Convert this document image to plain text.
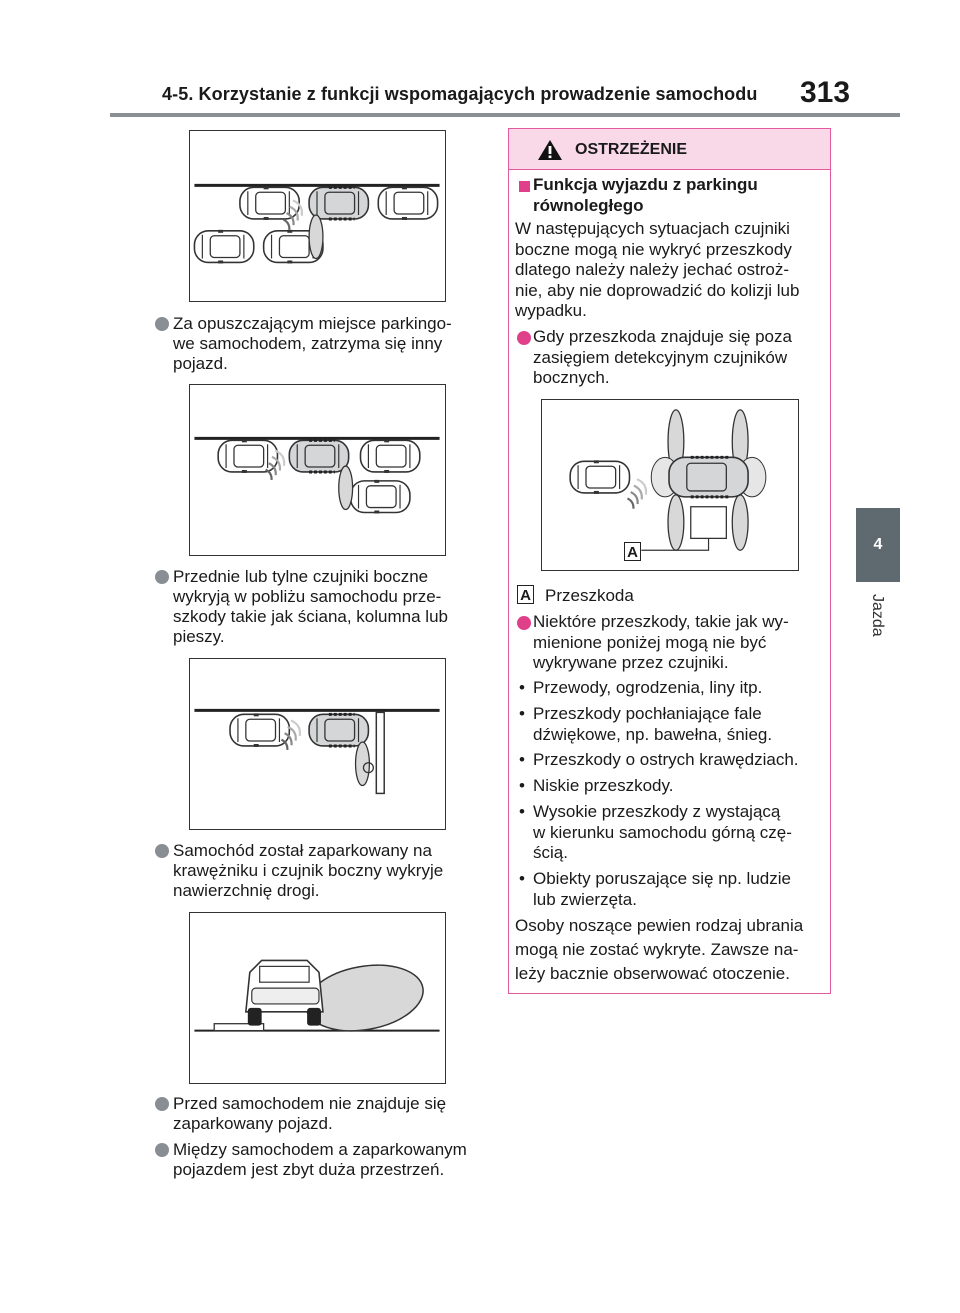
4-5. Korzystanie z funkcji wspomagających prowadzenie samochodu 313
4
Jazda
Za opuszczającym miejsce parkingo-
we samochodem, zatrzyma się inny
pojazd.
Przednie lub tylne czujniki boczne
wykryją w pobliżu samochodu prze-
szkody takie jak ściana, kolumna lub
pieszy.
Samochód został zaparkowany na
krawężniku i czujnik boczny wykryje
nawierzchnię drogi.
Przed samochodem nie znajduje się
zaparkowany pojazd.
Między samochodem a zaparkowanym
pojazdem jest zbyt duża przestrzeń.
OSTRZEŻENIE
Funkcja wyjazdu z parkingu
równoległego
W następujących sytuacjach czujniki
boczne mogą nie wykryć przeszkody
dlatego należy należy jechać ostroż-
nie, aby nie doprowadzić do kolizji lub
wypadku.
Gdy przeszkoda znajduje się poza
zasięgiem detekcyjnym czujników
bocznych.
A
A Przeszkoda
Niektóre przeszkody, takie jak wy-
mienione poniżej mogą nie być
wykrywane przez czujniki.
• Przewody, ogrodzenia, liny itp.
• Przeszkody pochłaniające fale
dźwiękowe, np. bawełna, śnieg.
• Przeszkody o ostrych krawędziach.
• Niskie przeszkody.
• Wysokie przeszkody z wystającą
w kierunku samochodu górną czę-
ścią.
• Obiekty poruszające się np. ludzie
lub zwierzęta.
Osoby noszące pewien rodzaj ubrania
mogą nie zostać wykryte. Zawsze na-
leży bacznie obserwować otoczenie.
